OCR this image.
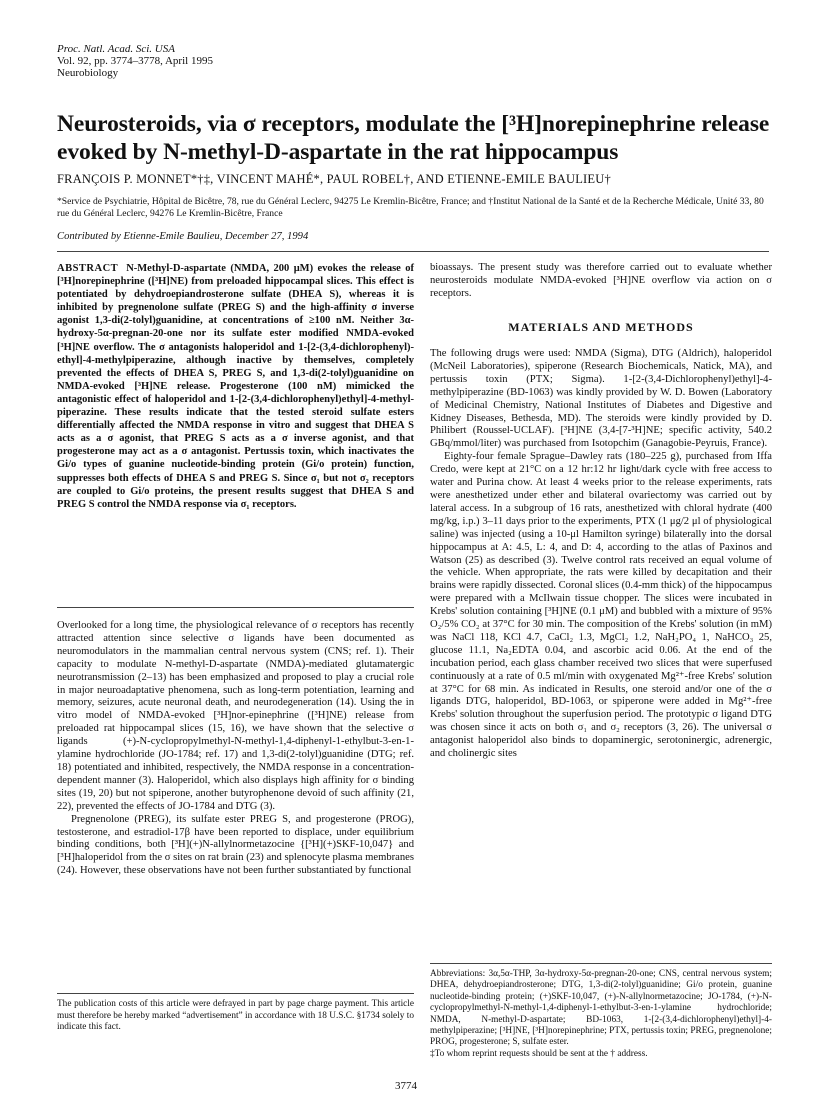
Proc. Natl. Acad. Sci. USA
Vol. 92, pp. 3774–3778, April 1995
Neurobiology
Neurosteroids, via σ receptors, modulate the [³H]norepinephrine release evoked by N-methyl-D-aspartate in the rat hippocampus
FRANÇOIS P. MONNET*†‡, VINCENT MAHÉ*, PAUL ROBEL†, AND ETIENNE-EMILE BAULIEU†
*Service de Psychiatrie, Hôpital de Bicêtre, 78, rue du Général Leclerc, 94275 Le Kremlin-Bicêtre, France; and †Institut National de la Santé et de la Recherche Médicale, Unité 33, 80 rue du Général Leclerc, 94276 Le Kremlin-Bicêtre, France
Contributed by Etienne-Emile Baulieu, December 27, 1994
ABSTRACT N-Methyl-D-aspartate (NMDA, 200 μM) evokes the release of [³H]norepinephrine ([³H]NE) from preloaded hippocampal slices. This effect is potentiated by dehydroepiandrosterone sulfate (DHEA S), whereas it is inhibited by pregnenolone sulfate (PREG S) and the high-affinity σ inverse agonist 1,3-di(2-tolyl)guanidine, at concentrations of ≥100 nM. Neither 3α-hydroxy-5α-pregnan-20-one nor its sulfate ester modified NMDA-evoked [³H]NE overflow. The σ antagonists haloperidol and 1-[2-(3,4-dichlorophenyl)-ethyl]-4-methylpiperazine, although inactive by themselves, completely prevented the effects of DHEA S, PREG S, and 1,3-di(2-tolyl)guanidine on NMDA-evoked [³H]NE release. Progesterone (100 nM) mimicked the antagonistic effect of haloperidol and 1-[2-(3,4-dichlorophenyl)ethyl]-4-methyl-piperazine. These results indicate that the tested steroid sulfate esters differentially affected the NMDA response in vitro and suggest that DHEA S acts as a σ agonist, that PREG S acts as a σ inverse agonist, and that progesterone may act as a σ antagonist. Pertussis toxin, which inactivates the Gi/o types of guanine nucleotide-binding protein (Gi/o protein) function, suppresses both effects of DHEA S and PREG S. Since σ₁ but not σ₂ receptors are coupled to Gi/o proteins, the present results suggest that DHEA S and PREG S control the NMDA response via σ₁ receptors.

Overlooked for a long time, the physiological relevance of σ receptors has recently attracted attention since selective σ ligands have been documented as neuromodulators in the mammalian central nervous system (CNS; ref. 1). Their capacity to modulate N-methyl-D-aspartate (NMDA)-mediated glutamatergic neurotransmission (2–13) has been emphasized and proposed to play a crucial role in major neuroadaptative phenomena, such as long-term potentiation, learning and memory, seizures, acute neuronal death, and neurodegeneration (14). Using the in vitro model of NMDA-evoked [³H]nor-epinephrine ([³H]NE) release from preloaded rat hippocampal slices (15, 16), we have shown that the selective σ ligands (+)-N-cyclopropylmethyl-N-methyl-1,4-diphenyl-1-ethylbut-3-en-1-ylamine hydrochloride (JO-1784; ref. 17) and 1,3-di(2-tolyl)guanidine (DTG; ref. 18) potentiated and inhibited, respectively, the NMDA response in a concentration-dependent manner (3). Haloperidol, which also displays high affinity for σ binding sites (19, 20) but not spiperone, another butyrophenone devoid of such affinity (21, 22), prevented the effects of JO-1784 and DTG (3).

Pregnenolone (PREG), its sulfate ester PREG S, and progesterone (PROG), testosterone, and estradiol-17β have been reported to displace, under equilibrium binding conditions, both [³H](+)N-allylnormetazocine {[³H](+)SKF-10,047} and [³H]haloperidol from the σ sites on rat brain (23) and splenocyte plasma membranes (24). However, these observations have not been further substantiated by functional

The publication costs of this article were defrayed in part by page charge payment. This article must therefore be hereby marked “advertisement” in accordance with 18 U.S.C. §1734 solely to indicate this fact.

bioassays. The present study was therefore carried out to evaluate whether neurosteroids modulate NMDA-evoked [³H]NE overflow via action on σ receptors.

MATERIALS AND METHODS

The following drugs were used: NMDA (Sigma), DTG (Aldrich), haloperidol (McNeil Laboratories), spiperone (Research Biochemicals, Natick, MA), and pertussis toxin (PTX; Sigma). 1-[2-(3,4-Dichlorophenyl)ethyl]-4-methylpiperazine (BD-1063) was kindly provided by W. D. Bowen (Laboratory of Medicinal Chemistry, National Institutes of Diabetes and Digestive and Kidney Diseases, Bethesda, MD). The steroids were kindly provided by D. Philibert (Roussel-UCLAF). [³H]NE (3,4-[7-³H]NE; specific activity, 540.2 GBq/mmol/liter) was purchased from Isotopchim (Ganagobie-Peyruis, France).

Eighty-four female Sprague–Dawley rats (180–225 g), purchased from Iffa Credo, were kept at 21°C on a 12 hr:12 hr light/dark cycle with free access to water and Purina chow. At least 4 weeks prior to the release experiments, rats were anesthetized under ether and bilateral ovariectomy was carried out by lateral access. In a subgroup of 16 rats, anesthetized with chloral hydrate (400 mg/kg, i.p.) 3–11 days prior to the experiments, PTX (1 μg/2 μl of physiological saline) was injected (using a 10-μl Hamilton syringe) bilaterally into the dorsal hippocampus at A: 4.5, L: 4, and D: 4, according to the atlas of Paxinos and Watson (25) as described (3). Twelve control rats received an equal volume of the vehicle. When appropriate, the rats were killed by decapitation and their brains were rapidly dissected. Coronal slices (0.4-mm thick) of the hippocampus were prepared with a McIlwain tissue chopper. The slices were incubated in Krebs' solution containing [³H]NE (0.1 μM) and bubbled with a mixture of 95% O₂/5% CO₂ at 37°C for 30 min. The composition of the Krebs' solution (in mM) was NaCl 118, KCl 4.7, CaCl₂ 1.3, MgCl₂ 1.2, NaH₂PO₄ 1, NaHCO₃ 25, glucose 11.1, Na₂EDTA 0.04, and ascorbic acid 0.06. At the end of the incubation period, each glass chamber received two slices that were superfused continuously at a rate of 0.5 ml/min with oxygenated Mg²⁺-free Krebs' solution at 37°C for 68 min. As indicated in Results, one steroid and/or one of the σ ligands DTG, haloperidol, BD-1063, or spiperone were added in Mg²⁺-free Krebs' solution throughout the superfusion period. The prototypic σ ligand DTG was chosen since it acts on both σ₁ and σ₂ receptors (3, 26). The universal σ antagonist haloperidol also binds to dopaminergic, serotoninergic, adrenergic, and cholinergic sites

Abbreviations: 3α,5α-THP, 3α-hydroxy-5α-pregnan-20-one; CNS, central nervous system; DHEA, dehydroepiandrosterone; DTG, 1,3-di(2-tolyl)guanidine; Gi/o protein, guanine nucleotide-binding protein; (+)SKF-10,047, (+)-N-allylnormetazocine; JO-1784, (+)-N-cyclopropylmethyl-N-methyl-1,4-diphenyl-1-ethylbut-3-en-1-ylamine hydrochloride; NMDA, N-methyl-D-aspartate; BD-1063, 1-[2-(3,4-dichlorophenyl)ethyl]-4-methylpiperazine; [³H]NE, [³H]norepinephrine; PTX, pertussis toxin; PREG, pregnenolone; PROG, progesterone; S, sulfate ester.
‡To whom reprint requests should be sent at the † address.
3774
